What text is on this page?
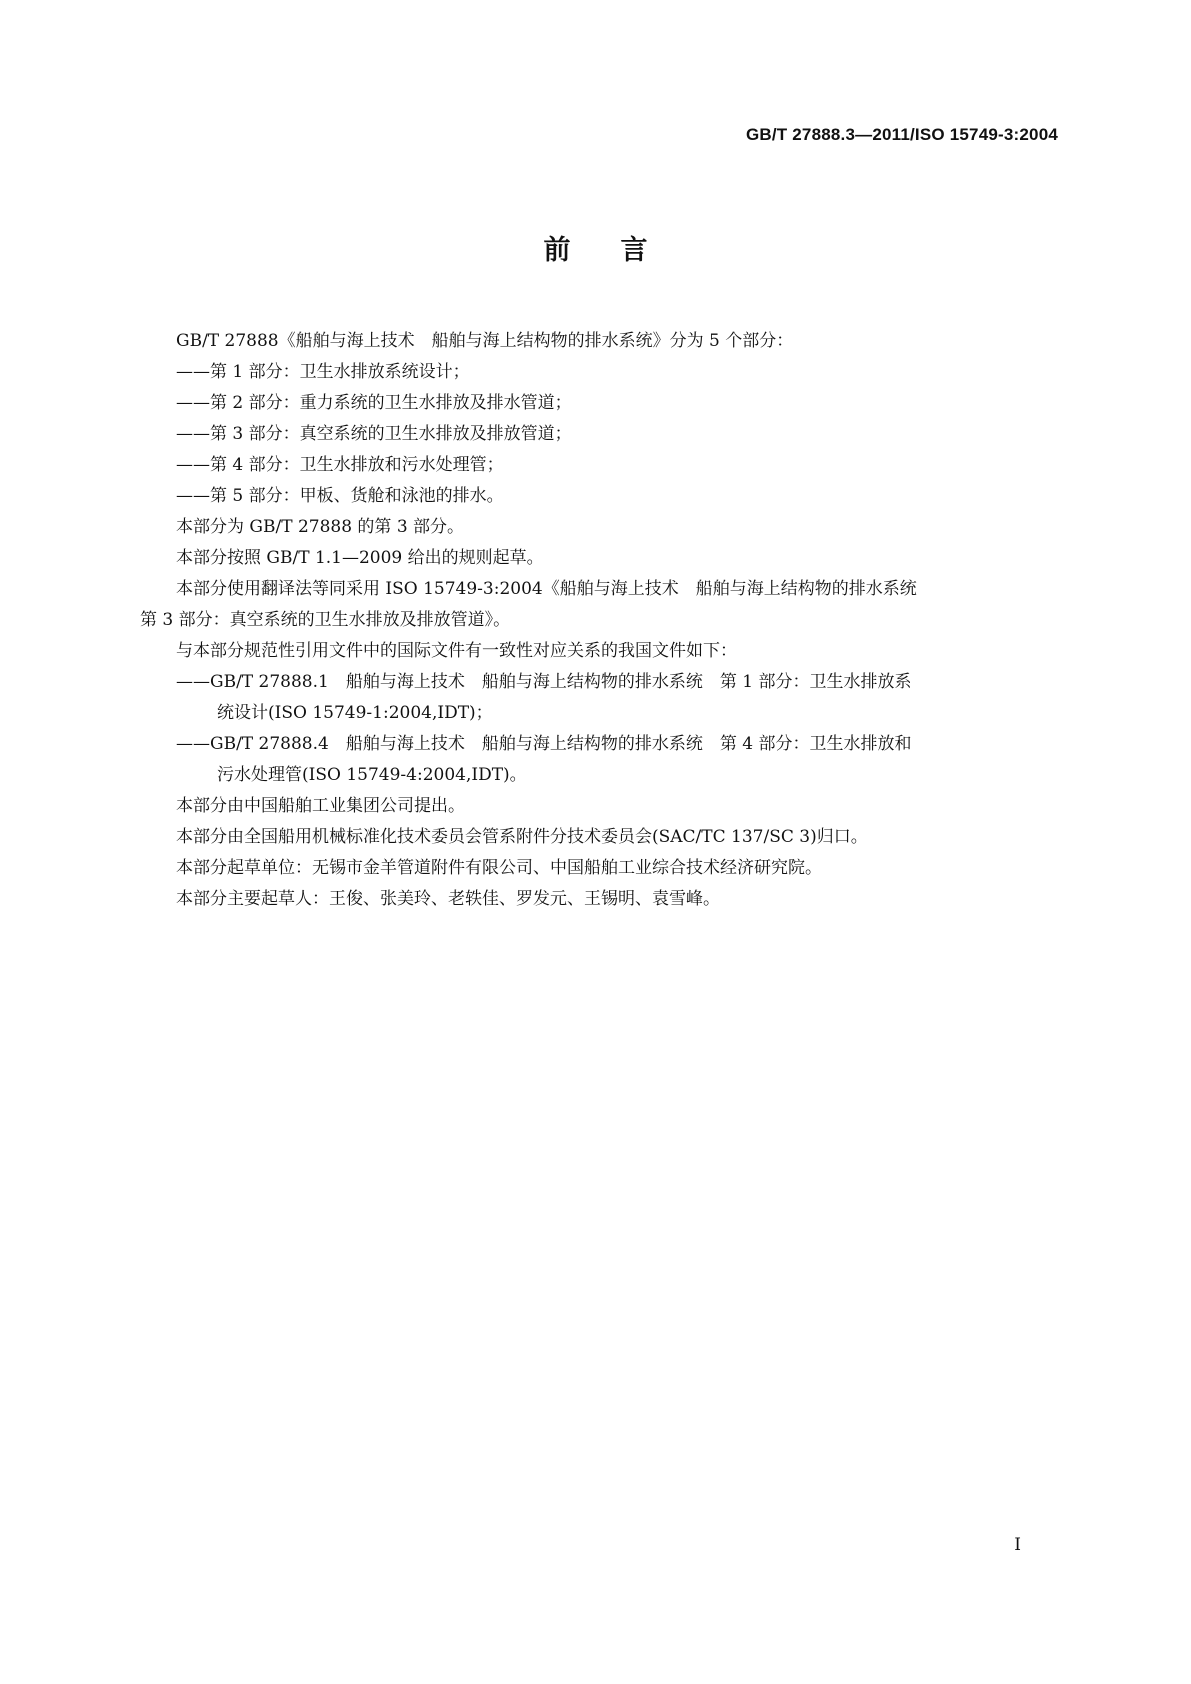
GB/T 27888.3—2011/ISO 15749-3:2004
前言
GB/T 27888《船舶与海上技术　船舶与海上结构物的排水系统》分为 5 个部分：
——第 1 部分：卫生水排放系统设计；
——第 2 部分：重力系统的卫生水排放及排水管道；
——第 3 部分：真空系统的卫生水排放及排放管道；
——第 4 部分：卫生水排放和污水处理管；
——第 5 部分：甲板、货舱和泳池的排水。
本部分为 GB/T 27888 的第 3 部分。
本部分按照 GB/T 1.1—2009 给出的规则起草。
本部分使用翻译法等同采用 ISO 15749-3:2004《船舶与海上技术　船舶与海上结构物的排水系统
第 3 部分：真空系统的卫生水排放及排放管道》。
与本部分规范性引用文件中的国际文件有一致性对应关系的我国文件如下：
——GB/T 27888.1　船舶与海上技术　船舶与海上结构物的排水系统　第 1 部分：卫生水排放系
统设计(ISO 15749-1:2004,IDT)；
——GB/T 27888.4　船舶与海上技术　船舶与海上结构物的排水系统　第 4 部分：卫生水排放和
污水处理管(ISO 15749-4:2004,IDT)。
本部分由中国船舶工业集团公司提出。
本部分由全国船用机械标准化技术委员会管系附件分技术委员会(SAC/TC 137/SC 3)归口。
本部分起草单位：无锡市金羊管道附件有限公司、中国船舶工业综合技术经济研究院。
本部分主要起草人：王俊、张美玲、老轶佳、罗发元、王锡明、袁雪峰。
I
